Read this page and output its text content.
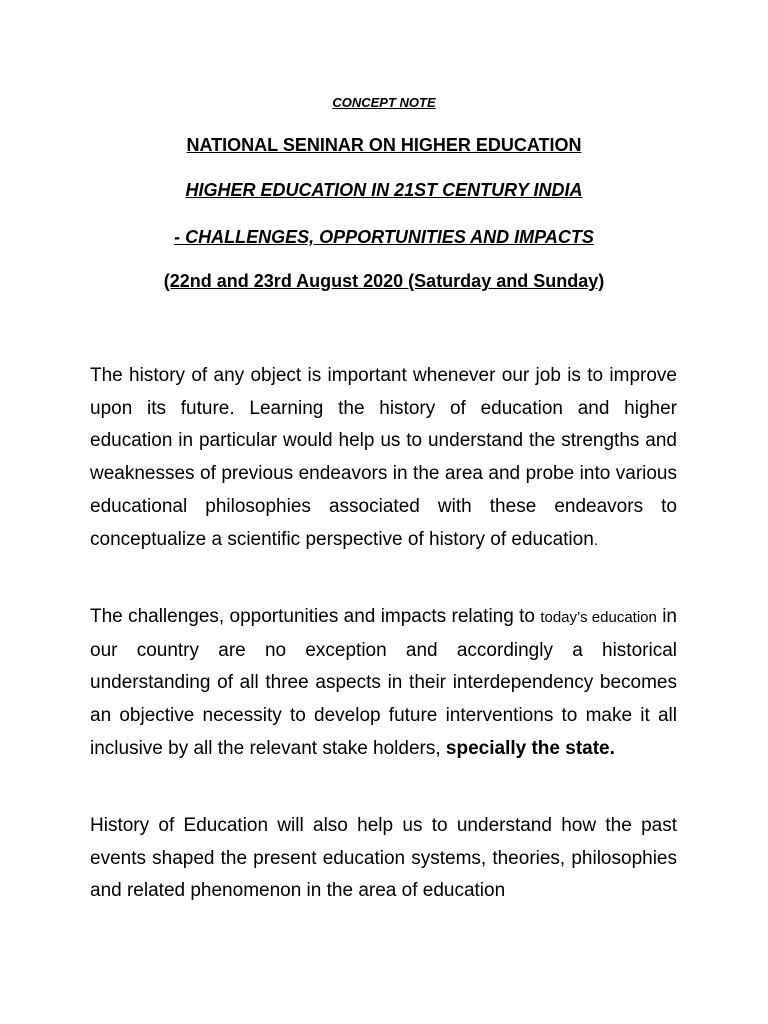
CONCEPT NOTE
NATIONAL SENINAR ON HIGHER EDUCATION
HIGHER EDUCATION IN 21ST CENTURY INDIA
- CHALLENGES, OPPORTUNITIES AND IMPACTS
(22nd and 23rd August 2020 (Saturday and Sunday)

The history of any object is important whenever our job is to improve upon its future. Learning the history of education and higher education in particular would help us to understand the strengths and weaknesses of previous endeavors in the area and probe into various educational philosophies associated with these endeavors to conceptualize a scientific perspective of history of education.

The challenges, opportunities and impacts relating to today’s education in our country are no exception and accordingly a historical understanding of all three aspects in their interdependency becomes an objective necessity to develop future interventions to make it all inclusive by all the relevant stake holders, specially the state.

History of Education will also help us to understand how the past events shaped the present education systems, theories, philosophies and related phenomenon in the area of education
